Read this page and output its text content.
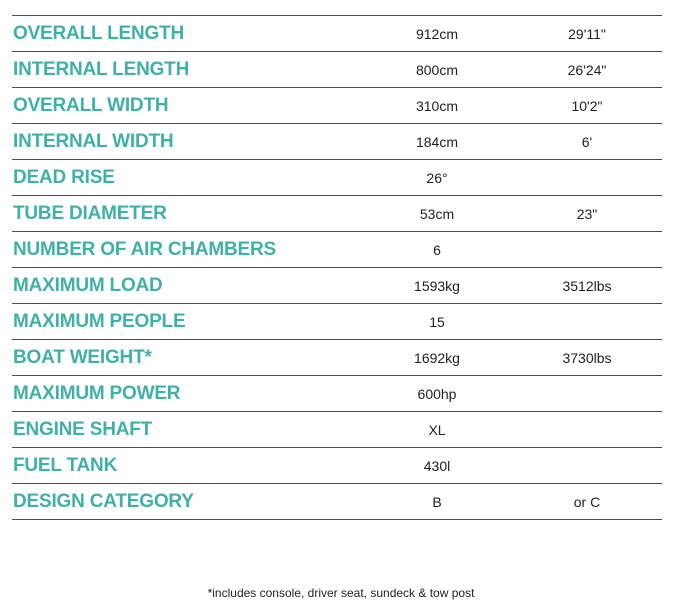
OVERALL LENGTH	912cm	29'11"
INTERNAL LENGTH	800cm	26'24"
OVERALL WIDTH	310cm	10'2"
INTERNAL WIDTH	184cm	6'
DEAD RISE	26°
TUBE DIAMETER	53cm	23"
NUMBER OF AIR CHAMBERS	6
MAXIMUM LOAD	1593kg	3512lbs
MAXIMUM PEOPLE	15
BOAT WEIGHT*	1692kg	3730lbs
MAXIMUM POWER	600hp
ENGINE SHAFT	XL
FUEL TANK	430l
DESIGN CATEGORY	B	or C
*includes console, driver seat, sundeck & tow post
